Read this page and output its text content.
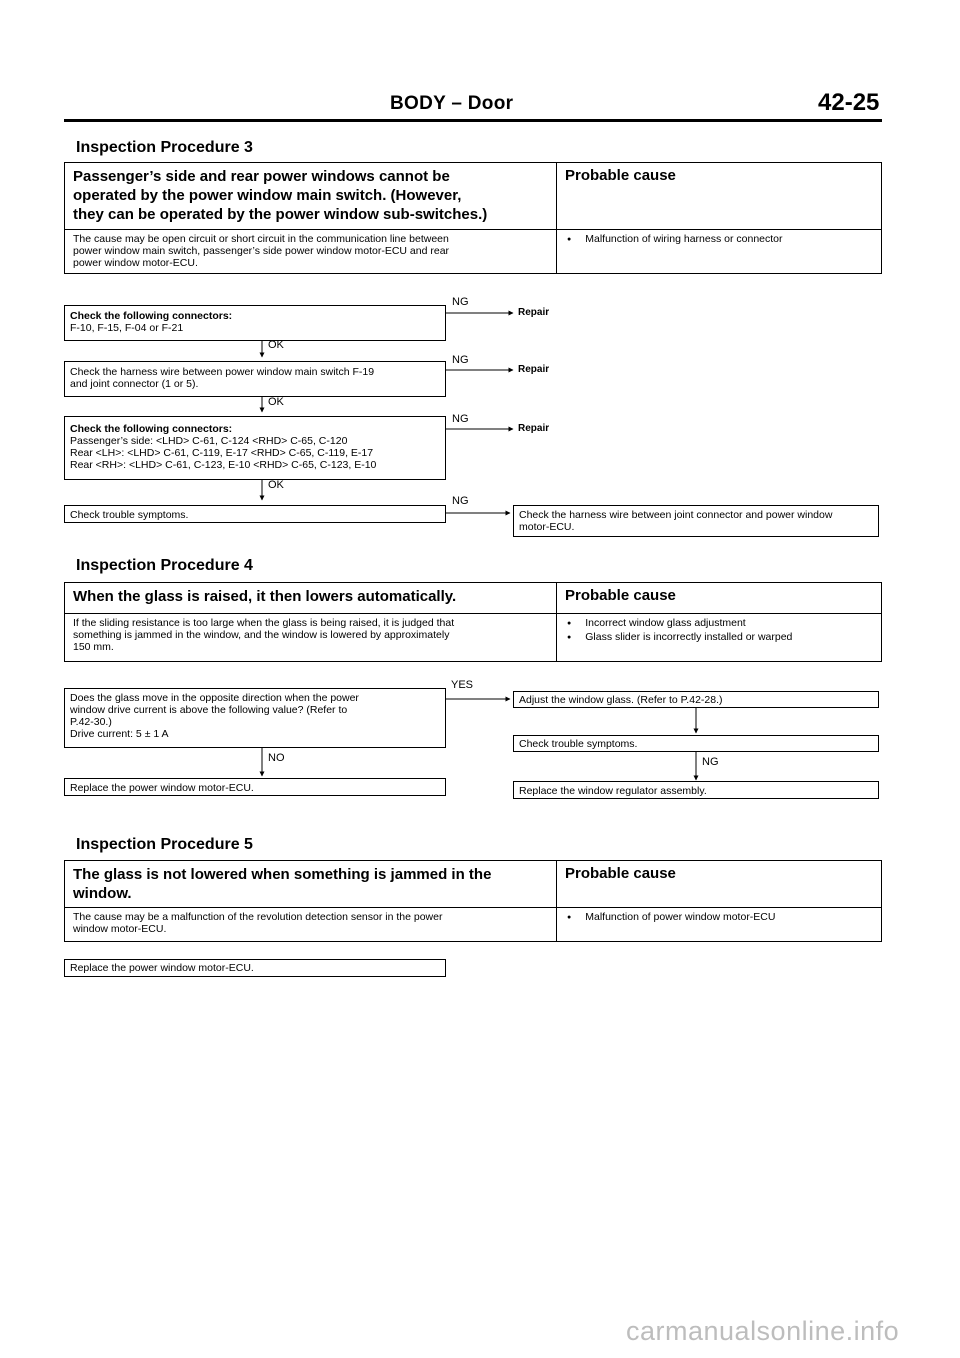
BODY – Door	42-25
Inspection Procedure 3
Passenger’s side and rear power windows cannot be
operated by the power window main switch. (However,
they can be operated by the power window sub-switches.)
Probable cause
The cause may be open circuit or short circuit in the communication line between
power window main switch, passenger’s side power window motor-ECU and rear
power window motor-ECU.
● Malfunction of wiring harness or connector
Check the following connectors:
F-10, F-15, F-04 or F-21
NG
Repair
OK
Check the harness wire between power window main switch F-19
and joint connector (1 or 5).
NG
Repair
OK
Check the following connectors:
Passenger’s side: <LHD> C-61, C-124 <RHD> C-65, C-120
Rear <LH>: <LHD> C-61, C-119, E-17 <RHD> C-65, C-119, E-17
Rear <RH>: <LHD> C-61, C-123, E-10 <RHD> C-65, C-123, E-10
NG
Repair
OK
Check trouble symptoms.
NG
Check the harness wire between joint connector and power window
motor-ECU.
Inspection Procedure 4
When the glass is raised, it then lowers automatically.	Probable cause
If the sliding resistance is too large when the glass is being raised, it is judged that
something is jammed in the window, and the window is lowered by approximately
150 mm.
● Incorrect window glass adjustment
● Glass slider is incorrectly installed or warped
Does the glass move in the opposite direction when the power
window drive current is above the following value? (Refer to
P.42-30.)
Drive current: 5 ± 1 A
YES
Adjust the window glass. (Refer to P.42-28.)
Check trouble symptoms.
NG
Replace the window regulator assembly.
NO
Replace the power window motor-ECU.
Inspection Procedure 5
The glass is not lowered when something is jammed in the
window.
Probable cause
The cause may be a malfunction of the revolution detection sensor in the power
window motor-ECU.
● Malfunction of power window motor-ECU
Replace the power window motor-ECU.
carmanualsonline.info
